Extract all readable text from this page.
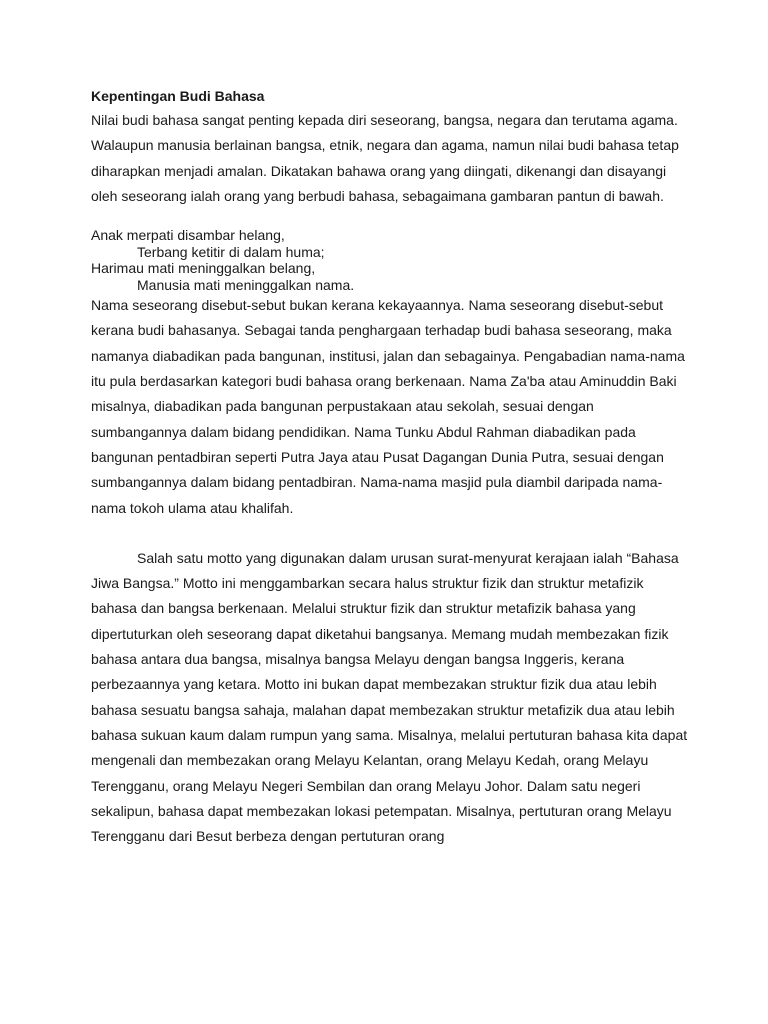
Kepentingan Budi Bahasa

Nilai budi bahasa sangat penting kepada diri seseorang, bangsa, negara dan terutama agama. Walaupun manusia berlainan bangsa, etnik, negara dan agama, namun nilai budi bahasa tetap diharapkan menjadi amalan. Dikatakan bahawa orang yang diingati, dikenangi dan disayangi oleh seseorang ialah orang yang berbudi bahasa, sebagaimana gambaran pantun di bawah.

Anak merpati disambar helang,
Terbang ketitir di dalam huma;
Harimau mati meninggalkan belang,
Manusia mati meninggalkan nama.

Nama seseorang disebut-sebut bukan kerana kekayaannya. Nama seseorang disebut-sebut kerana budi bahasanya. Sebagai tanda penghargaan terhadap budi bahasa seseorang, maka namanya diabadikan pada bangunan, institusi, jalan dan sebagainya. Pengabadian nama-nama itu pula berdasarkan kategori budi bahasa orang berkenaan. Nama Za'ba atau Aminuddin Baki misalnya, diabadikan pada bangunan perpustakaan atau sekolah, sesuai dengan sumbangannya dalam bidang pendidikan. Nama Tunku Abdul Rahman diabadikan pada bangunan pentadbiran seperti Putra Jaya atau Pusat Dagangan Dunia Putra, sesuai dengan sumbangannya dalam bidang pentadbiran. Nama-nama masjid pula diambil daripada nama-nama tokoh ulama atau khalifah.

Salah satu motto yang digunakan dalam urusan surat-menyurat kerajaan ialah “Bahasa Jiwa Bangsa.” Motto ini menggambarkan secara halus struktur fizik dan struktur metafizik bahasa dan bangsa berkenaan. Melalui struktur fizik dan struktur metafizik bahasa yang dipertuturkan oleh seseorang dapat diketahui bangsanya. Memang mudah membezakan fizik bahasa antara dua bangsa, misalnya bangsa Melayu dengan bangsa Inggeris, kerana perbezaannya yang ketara. Motto ini bukan dapat membezakan struktur fizik dua atau lebih bahasa sesuatu bangsa sahaja, malahan dapat membezakan struktur metafizik dua atau lebih bahasa sukuan kaum dalam rumpun yang sama. Misalnya, melalui pertuturan bahasa kita dapat mengenali dan membezakan orang Melayu Kelantan, orang Melayu Kedah, orang Melayu Terengganu, orang Melayu Negeri Sembilan dan orang Melayu Johor. Dalam satu negeri sekalipun, bahasa dapat membezakan lokasi petempatan. Misalnya, pertuturan orang Melayu Terengganu dari Besut berbeza dengan pertuturan orang
